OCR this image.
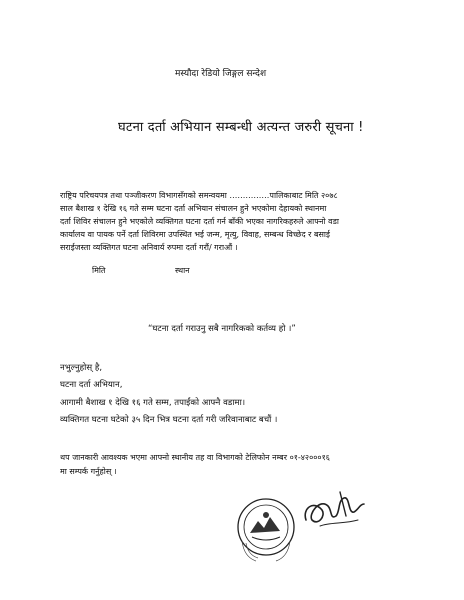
मस्यौदा रेडियो जिङ्गल सन्देश
घटना दर्ता अभियान सम्बन्धी अत्यन्त जरुरी सूचना !
राष्ट्रिय परिचयपत्र तथा पञ्जीकरण विभागसँगको समन्वयमा ……………पालिकाबाट मिति २०७८
साल बैशाख १ देखि १६ गते सम्म घटना दर्ता अभियान संचालन हुने भएकोमा देहायको स्थानमा
दर्ता शिविर संचालन हुने भएकोले व्यक्तिगत घटना दर्ता गर्न बाँकी भएका नागरिकहरुले आफ्नो वडा
कार्यालय वा पायक पर्ने दर्ता शिविरमा उपस्थित भई जन्म, मृत्यु, विवाह, सम्बन्ध विच्छेद र बसाई
सराईजस्ता व्यक्तिगत घटना अनिवार्य रुपमा दर्ता गरौं/ गराऔं ।
मिति	स्थान
“घटना दर्ता गराउनु सबै नागरिकको कर्तव्य हो ।”
नभुल्नुहोस् है,
घटना दर्ता अभियान,
आगामी बैशाख १ देखि १६ गते सम्म, तपाईंको आफ्नै वडामा।
व्यक्तिगत घटना घटेको ३५ दिन भित्र घटना दर्ता गरी जरिवानाबाट बचौं ।
थप जानकारी आवश्यक भएमा आफ्नो स्थानीय तह वा विभागको टेलिफोन नम्बर ०१-४२०००१६
मा सम्पर्क गर्नुहोस् ।
